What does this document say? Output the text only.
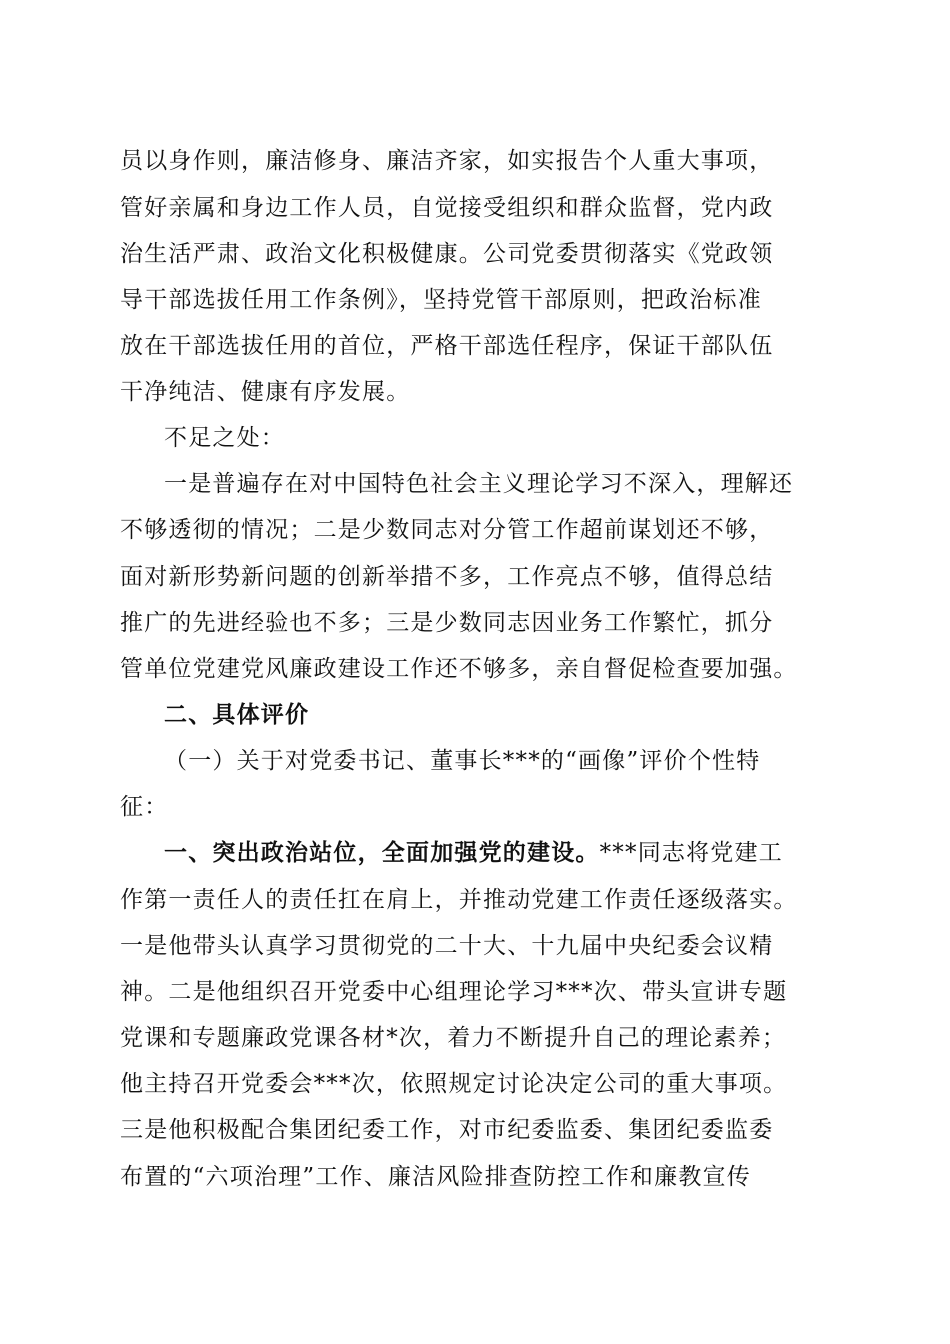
员以身作则，廉洁修身、廉洁齐家，如实报告个人重大事项，
管好亲属和身边工作人员，自觉接受组织和群众监督，党内政
治生活严肃、政治文化积极健康。公司党委贯彻落实《党政领
导干部选拔任用工作条例》，坚持党管干部原则，把政治标准
放在干部选拔任用的首位，严格干部选任程序，保证干部队伍
干净纯洁、健康有序发展。
不足之处：
一是普遍存在对中国特色社会主义理论学习不深入，理解还
不够透彻的情况；二是少数同志对分管工作超前谋划还不够，
面对新形势新问题的创新举措不多，工作亮点不够，值得总结
推广的先进经验也不多；三是少数同志因业务工作繁忙，抓分
管单位党建党风廉政建设工作还不够多，亲自督促检查要加强。
二、具体评价
（一）关于对党委书记、董事长***的“画像”评价个性特
征：
一、突出政治站位，全面加强党的建设。***同志将党建工
作第一责任人的责任扛在肩上，并推动党建工作责任逐级落实。
一是他带头认真学习贯彻党的二十大、十九届中央纪委会议精
神。二是他组织召开党委中心组理论学习***次、带头宣讲专题
党课和专题廉政党课各材*次，着力不断提升自己的理论素养；
他主持召开党委会***次，依照规定讨论决定公司的重大事项。
三是他积极配合集团纪委工作，对市纪委监委、集团纪委监委
布置的“六项治理”工作、廉洁风险排查防控工作和廉教宣传
